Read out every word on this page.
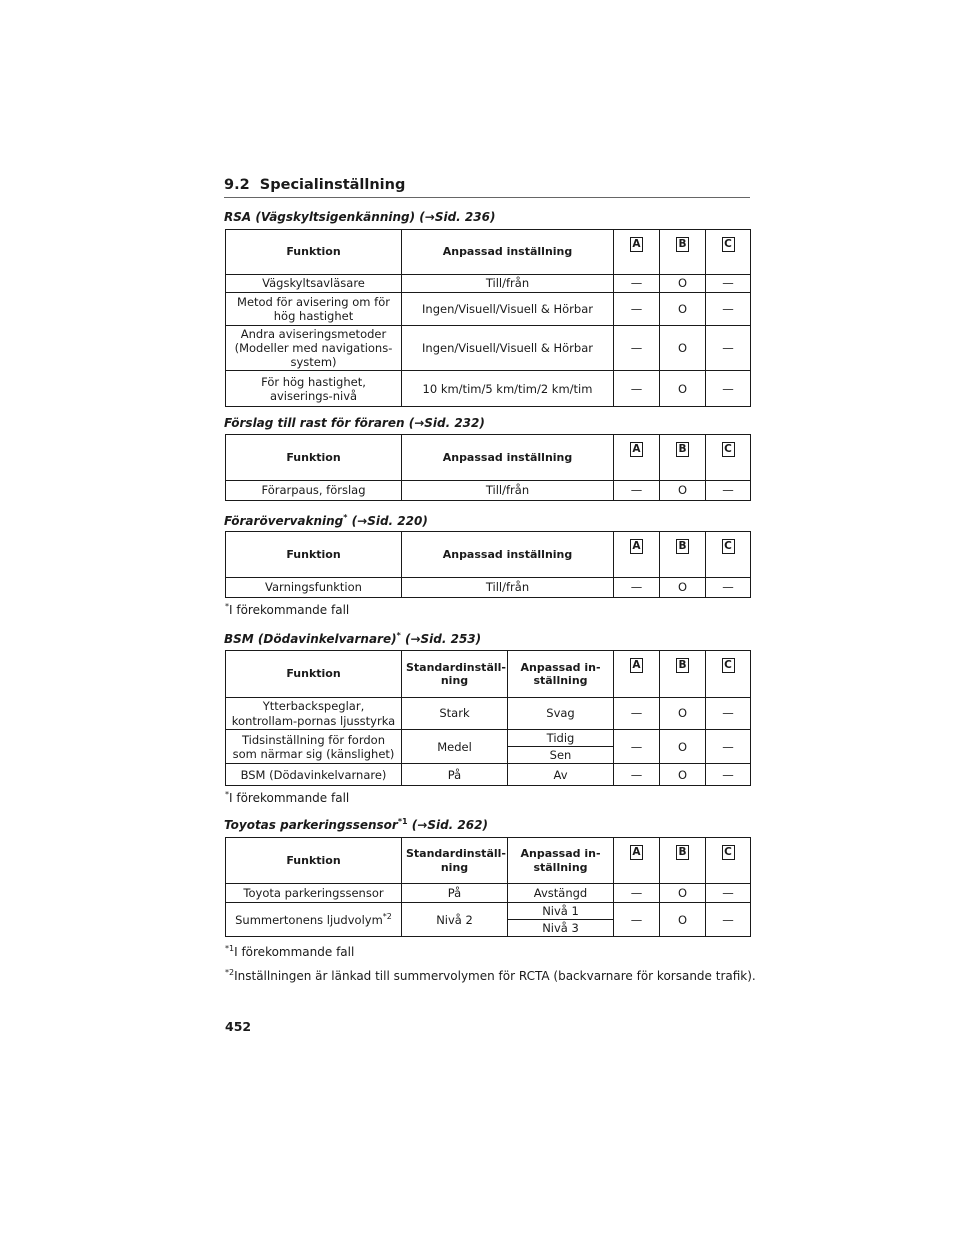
9.2 Specialinställning
RSA (Vägskyltsigenkänning) (→Sid. 236)
Funktion	Anpassad inställning	A	B	C
Vägskyltsavläsare	Till/från	—	O	—
Metod för avisering om för hög hastighet	Ingen/Visuell/Visuell & Hörbar	—	O	—
Andra aviseringsmetoder (Modeller med navigations-system)	Ingen/Visuell/Visuell & Hörbar	—	O	—
För hög hastighet, aviserings-nivå	10 km/tim/5 km/tim/2 km/tim	—	O	—
Förslag till rast för föraren (→Sid. 232)
Funktion	Anpassad inställning	A	B	C
Förarpaus, förslag	Till/från	—	O	—
Förarövervakning* (→Sid. 220)
Funktion	Anpassad inställning	A	B	C
Varningsfunktion	Till/från	—	O	—
*I förekommande fall
BSM (Dödavinkelvarnare)* (→Sid. 253)
Funktion	Standardinställ-ning	Anpassad in-ställning	A	B	C
Ytterbackspeglar, kontrollam-pornas ljusstyrka	Stark	Svag	—	O	—
Tidsinställning för fordon som närmar sig (känslighet)	Medel	Tidig	—	O	—
		Sen			
BSM (Dödavinkelvarnare)	På	Av	—	O	—
*I förekommande fall
Toyotas parkeringssensor$^{*1}$ (→Sid. 262)
Funktion	Standardinställ-ning	Anpassad in-ställning	A	B	C
Toyota parkeringssensor	På	Avstängd	—	O	—
Summertonens ljudvolym$^{*2}$	Nivå 2	Nivå 1	—	O	—
		Nivå 3			
$^{*1}$I förekommande fall
$^{*2}$Inställningen är länkad till summervolymen för RCTA (backvarnare för korsande trafik).
452
